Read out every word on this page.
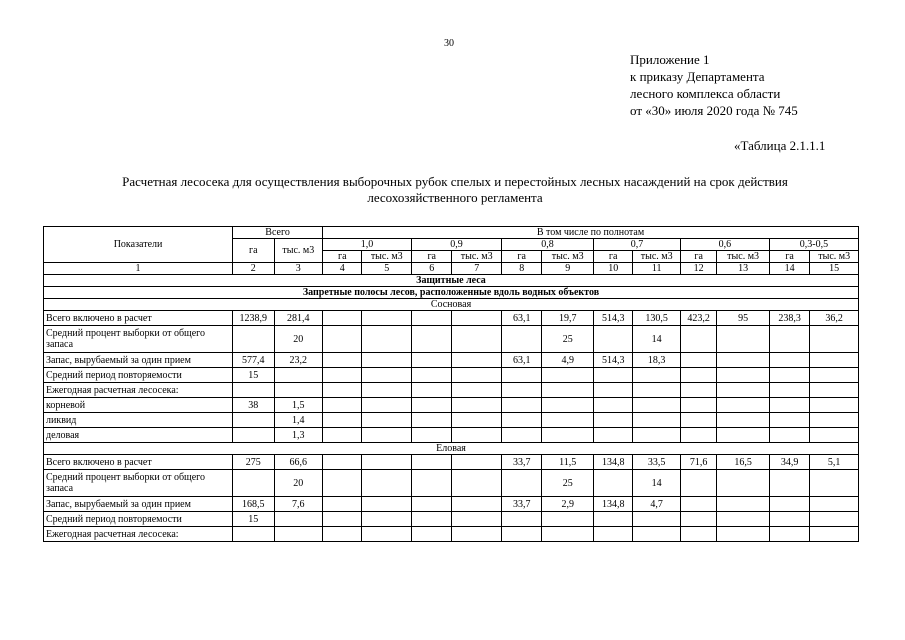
30
Приложение 1
к приказу Департамента
лесного комплекса области
от «30» июля 2020 года № 745
«Таблица 2.1.1.1
Расчетная лесосека для осуществления выборочных рубок спелых и перестойных лесных насаждений на срок действия
лесохозяйственного регламента
Показатели	Всего		В том числе по полнотам											
	га	тыс. м3	1,0		0,9		0,8		0,7		0,6		0,3-0,5	
			га	тыс. м3	га	тыс. м3	га	тыс. м3	га	тыс. м3	га	тыс. м3	га	тыс. м3
1	2	3	4	5	6	7	8	9	10	11	12	13	14	15
Защитные леса														
Запретные полосы лесов, расположенные вдоль водных объектов														
Сосновая														
Всего включено в расчет	1238,9	281,4					63,1	19,7	514,3	130,5	423,2	95	238,3	36,2
Средний процент выборки от общего запаса		20						25		14				
Запас, вырубаемый за один прием	577,4	23,2					63,1	4,9	514,3	18,3				
Средний период повторяемости	15													
Ежегодная расчетная лесосека:														
корневой	38	1,5												
ликвид		1,4												
деловая		1,3												
Еловая														
Всего включено в расчет	275	66,6					33,7	11,5	134,8	33,5	71,6	16,5	34,9	5,1
Средний процент выборки от общего запаса		20						25		14				
Запас, вырубаемый за один прием	168,5	7,6					33,7	2,9	134,8	4,7				
Средний период повторяемости	15													
Ежегодная расчетная лесосека:														
